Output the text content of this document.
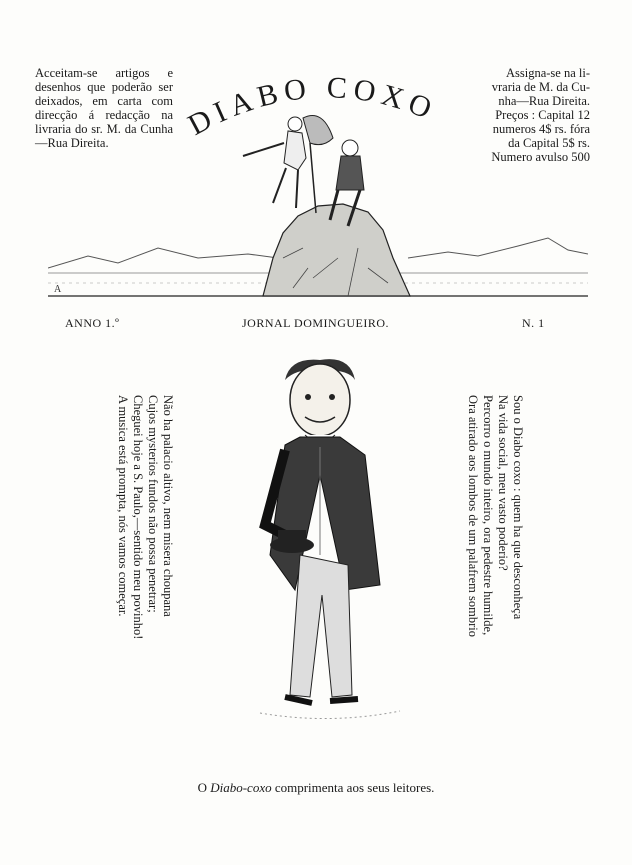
Acceitam-se artigos e desenhos que poderão ser deixados, em carta com direcção á redacção na livraria do sr. M. da Cunha—Rua Direita.
Assigna-se na li-
vraria de M. da Cu-
nha—Rua Direita.
Preços : Capital 12
numeros 4$ rs. fóra
da Capital 5$ rs.
Numero avulso 500
DIABO COXO
A
ANNO 1.º	JORNAL DOMINGUEIRO.	N. 1
Não ha palacio altivo, nem misera choupana
Cujos mysterios fundos não possa penetrar;
Cheguei hoje a S. Paulo,—sentido meu povinho!
A musica está prompta, nós vamos começar.	Sou o Diabo coxo : quem ha que desconheça
Na vida social, meu vasto poderio?
Percorro o mundo inteiro, ora pedestre humilde,
Ora atirado aos lombos de um palafrem sombrio
O Diabo-coxo comprimenta aos seus leitores.
